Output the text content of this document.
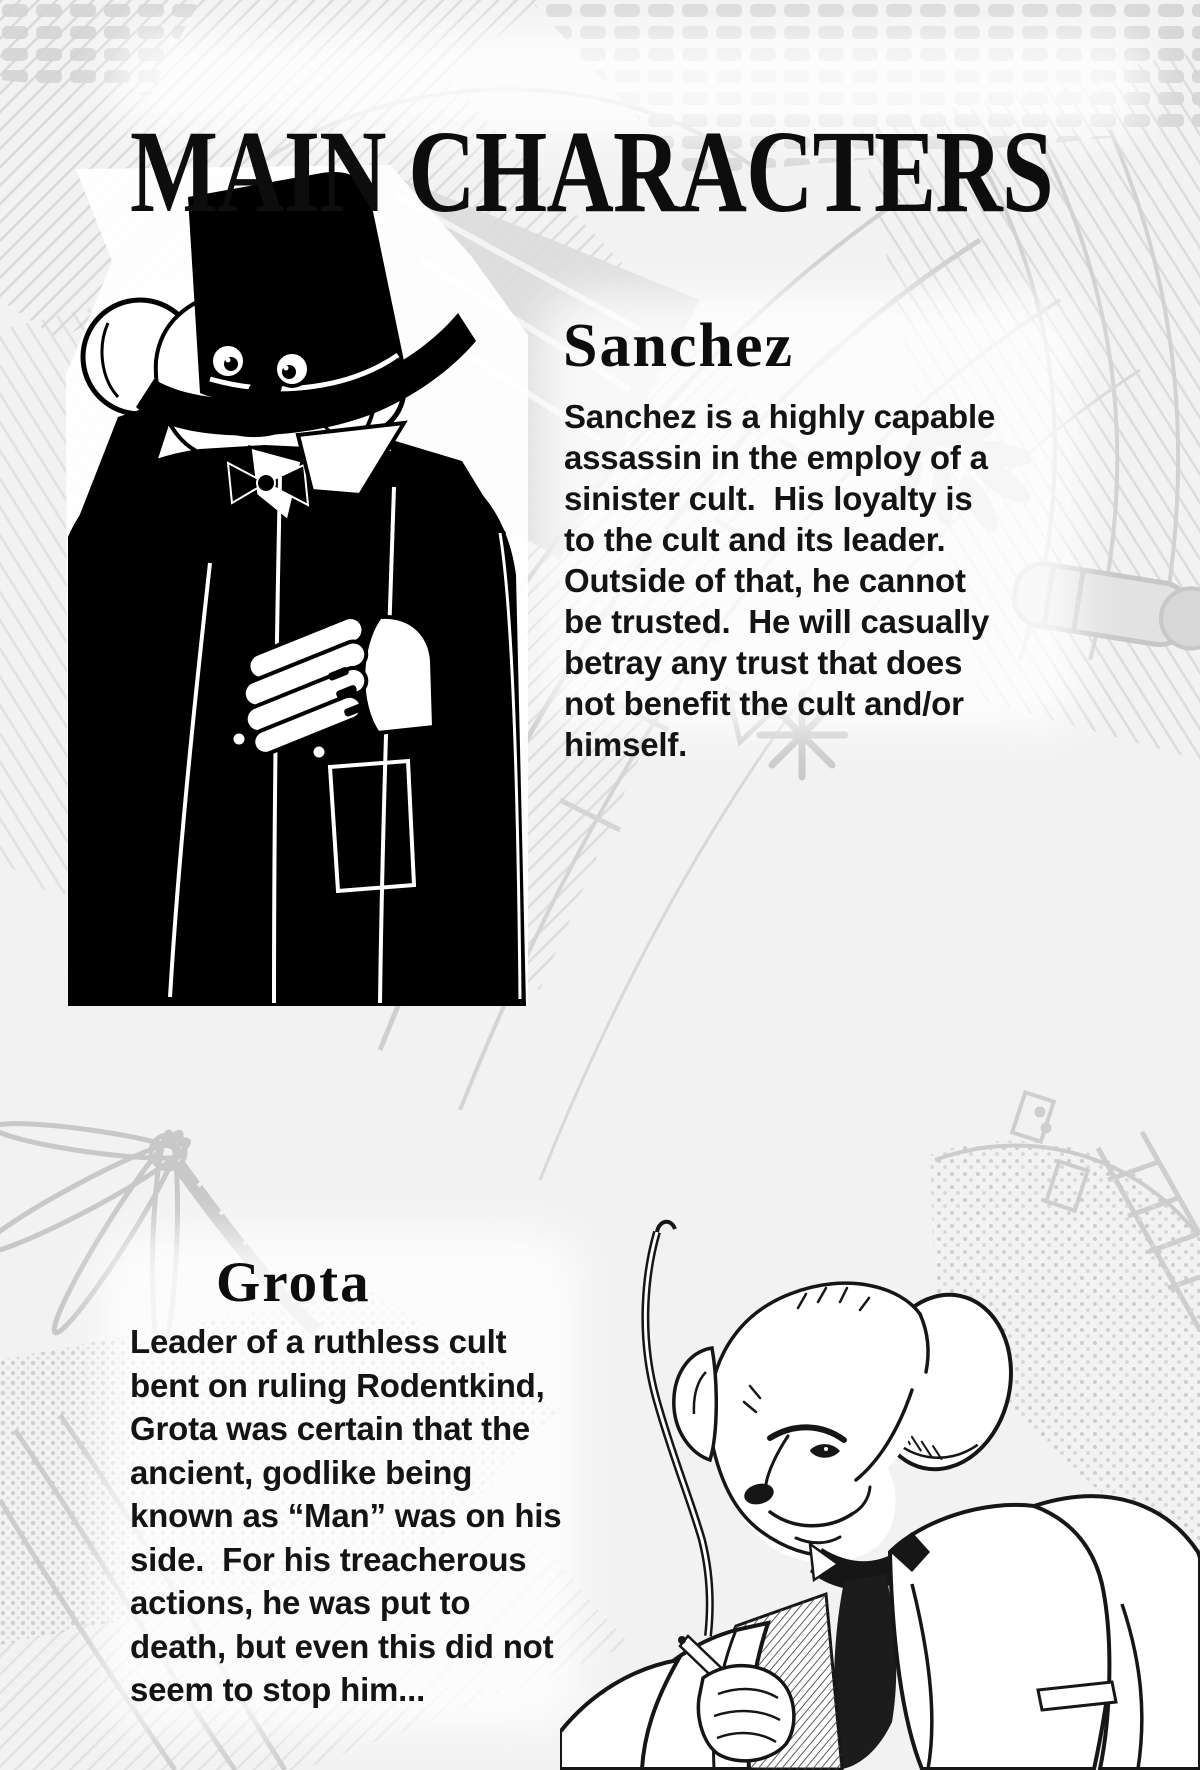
MAIN CHARACTERS
Sanchez
Sanchez is a highly capable
assassin in the employ of a
sinister cult.  His loyalty is
to the cult and its leader.
Outside of that, he cannot
be trusted.  He will casually
betray any trust that does
not benefit the cult and/or
himself.
Grota
Leader of a ruthless cult
bent on ruling Rodentkind,
Grota was certain that the
ancient, godlike being
known as “Man” was on his
side.  For his treacherous
actions, he was put to
death, but even this did not
seem to stop him...
